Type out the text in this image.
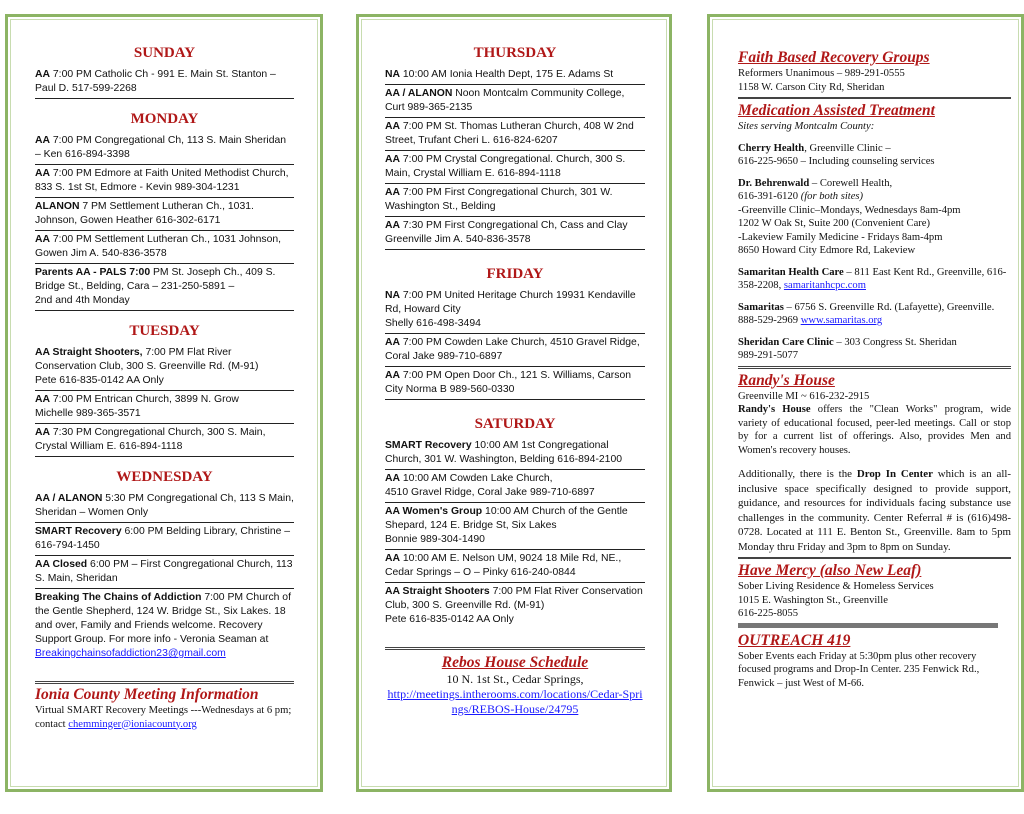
SUNDAY
AA 7:00 PM Catholic Ch - 991 E. Main St. Stanton – Paul D. 517-599-2268
MONDAY
AA 7:00 PM Congregational Ch, 113 S. Main Sheridan – Ken 616-894-3398
AA 7:00 PM Edmore at Faith United Methodist Church, 833 S. 1st St, Edmore - Kevin 989-304-1231
ALANON 7 PM Settlement Lutheran Ch., 1031. Johnson, Gowen Heather 616-302-6171
AA 7:00 PM Settlement Lutheran Ch., 1031 Johnson, Gowen Jim A. 540-836-3578
Parents AA - PALS 7:00 PM St. Joseph Ch., 409 S. Bridge St., Belding, Cara – 231-250-5891 –
2nd and 4th Monday
TUESDAY
AA Straight Shooters, 7:00 PM Flat River Conservation Club, 300 S. Greenville Rd. (M-91)
Pete 616-835-0142 AA Only
AA 7:00 PM Entrican Church, 3899 N. Grow
Michelle 989-365-3571
AA 7:30 PM Congregational Church, 300 S. Main, Crystal William E. 616-894-1118
WEDNESDAY
AA / ALANON 5:30 PM Congregational Ch, 113 S Main, Sheridan – Women Only
SMART Recovery 6:00 PM Belding Library, Christine – 616-794-1450
AA Closed 6:00 PM – First Congregational Church, 113 S. Main, Sheridan
Breaking The Chains of Addiction 7:00 PM Church of the Gentle Shepherd, 124 W. Bridge St., Six Lakes. 18 and over, Family and Friends welcome. Recovery Support Group. For more info - Veronia Seaman at
Breakingchainsofaddiction23@gmail.com
Ionia County Meeting Information
Virtual SMART Recovery Meetings ---Wednesdays at 6 pm; contact chemminger@ioniacounty.org
THURSDAY
NA 10:00 AM Ionia Health Dept, 175 E. Adams St
AA / ALANON Noon Montcalm Community College, Curt 989-365-2135
AA 7:00 PM St. Thomas Lutheran Church, 408 W 2nd Street, Trufant Cheri L. 616-824-6207
AA 7:00 PM Crystal Congregational. Church, 300 S. Main, Crystal William E. 616-894-1118
AA 7:00 PM First Congregational Church, 301 W. Washington St., Belding
AA 7:30 PM First Congregational Ch, Cass and Clay Greenville Jim A. 540-836-3578
FRIDAY
NA 7:00 PM United Heritage Church 19931 Kendaville Rd, Howard City
Shelly 616-498-3494
AA 7:00 PM Cowden Lake Church, 4510 Gravel Ridge, Coral Jake 989-710-6897
AA 7:00 PM Open Door Ch., 121 S. Williams, Carson City Norma B 989-560-0330
SATURDAY
SMART Recovery 10:00 AM 1st Congregational Church, 301 W. Washington, Belding 616-894-2100
AA 10:00 AM Cowden Lake Church,
4510 Gravel Ridge, Coral Jake 989-710-6897
AA Women's Group 10:00 AM Church of the Gentle Shepard, 124 E. Bridge St, Six Lakes
Bonnie 989-304-1490
AA 10:00 AM E. Nelson UM, 9024 18 Mile Rd, NE., Cedar Springs – O – Pinky 616-240-0844
AA Straight Shooters 7:00 PM Flat River Conservation Club, 300 S. Greenville Rd. (M-91)
Pete 616-835-0142 AA Only
Rebos House Schedule
10 N. 1st St., Cedar Springs,
http://meetings.intherooms.com/locations/Cedar-Springs/REBOS-House/24795
Faith Based Recovery Groups
Reformers Unanimous – 989-291-0555
1158 W. Carson City Rd, Sheridan
Medication Assisted Treatment
Sites serving Montcalm County:
Cherry Health, Greenville Clinic –
616-225-9650 – Including counseling services
Dr. Behrenwald – Corewell Health,
616-391-6120 (for both sites)
-Greenville Clinic–Mondays, Wednesdays 8am-4pm
1202 W Oak St, Suite 200 (Convenient Care)
-Lakeview Family Medicine - Fridays 8am-4pm
8650 Howard City Edmore Rd, Lakeview
Samaritan Health Care – 811 East Kent Rd., Greenville, 616-358-2208, samaritanhcpc.com
Samaritas – 6756 S. Greenville Rd. (Lafayette), Greenville. 888-529-2969 www.samaritas.org
Sheridan Care Clinic – 303 Congress St. Sheridan
989-291-5077
Randy's House
Greenville MI ~ 616-232-2915
Randy's House offers the "Clean Works" program, wide variety of educational focused, peer-led meetings. Call or stop by for a current list of offerings. Also, provides Men and Women's recovery houses.
Additionally, there is the Drop In Center which is an all-inclusive space specifically designed to provide support, guidance, and resources for individuals facing substance use challenges in the community. Center Referral # is (616)498-0728. Located at 111 E. Benton St., Greenville. 8am to 5pm Monday thru Friday and 3pm to 8pm on Sunday.
Have Mercy (also New Leaf)
Sober Living Residence & Homeless Services
1015 E. Washington St., Greenville
616-225-8055
OUTREACH 419
Sober Events each Friday at 5:30pm plus other recovery focused programs and Drop-In Center. 235 Fenwick Rd., Fenwick – just West of M-66.
